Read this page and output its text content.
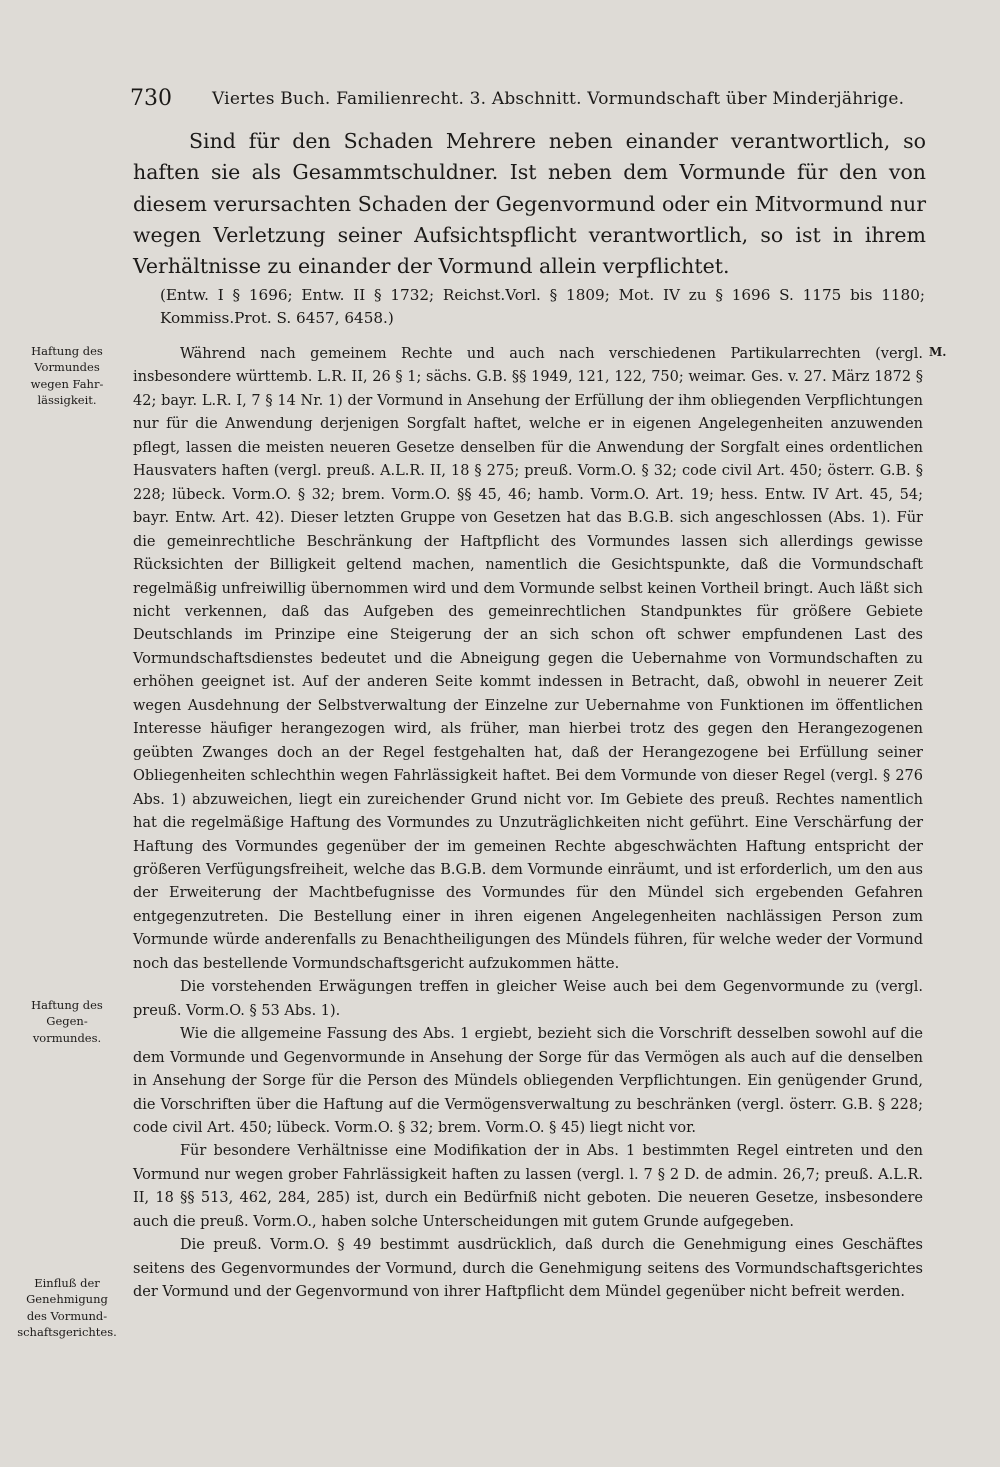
730 Viertes Buch. Familienrecht. 3. Abschnitt. Vormundschaft über Minderjährige.

Sind für den Schaden Mehrere neben einander verantwortlich, so haften sie als Gesammtschuldner. Ist neben dem Vormunde für den von diesem verursachten Schaden der Gegenvormund oder ein Mitvormund nur wegen Verletzung seiner Aufsichtspflicht verantwortlich, so ist in ihrem Verhältnisse zu einander der Vormund allein verpflichtet.

(Entw. I § 1696; Entw. II § 1732; Reichst.Vorl. § 1809; Mot. IV zu § 1696 S. 1175 bis 1180; Kommiss.Prot. S. 6457, 6458.)

Haftung des
Vormundes
wegen Fahr-
lässigkeit.
Haftung des
Gegen-
vormundes.
Einfluß der
Genehmigung
des Vormund-
schaftsgerichtes.
M.

Während nach gemeinem Rechte und auch nach verschiedenen Partikularrechten (vergl. insbesondere württemb. L.R. II, 26 § 1; sächs. G.B. §§ 1949, 121, 122, 750; weimar. Ges. v. 27. März 1872 § 42; bayr. L.R. I, 7 § 14 Nr. 1) der Vormund in Ansehung der Erfüllung der ihm obliegenden Verpflichtungen nur für die Anwendung derjenigen Sorgfalt haftet, welche er in eigenen Angelegenheiten anzuwenden pflegt, lassen die meisten neueren Gesetze denselben für die Anwendung der Sorgfalt eines ordentlichen Hausvaters haften (vergl. preuß. A.L.R. II, 18 § 275; preuß. Vorm.O. § 32; code civil Art. 450; österr. G.B. § 228; lübeck. Vorm.O. § 32; brem. Vorm.O. §§ 45, 46; hamb. Vorm.O. Art. 19; hess. Entw. IV Art. 45, 54; bayr. Entw. Art. 42). Dieser letzten Gruppe von Gesetzen hat das B.G.B. sich angeschlossen (Abs. 1). Für die gemeinrechtliche Beschränkung der Haftpflicht des Vormundes lassen sich allerdings gewisse Rücksichten der Billigkeit geltend machen, namentlich die Gesichtspunkte, daß die Vormundschaft regelmäßig unfreiwillig übernommen wird und dem Vormunde selbst keinen Vortheil bringt. Auch läßt sich nicht verkennen, daß das Aufgeben des gemeinrechtlichen Standpunktes für größere Gebiete Deutschlands im Prinzipe eine Steigerung der an sich schon oft schwer empfundenen Last des Vormundschaftsdienstes bedeutet und die Abneigung gegen die Uebernahme von Vormundschaften zu erhöhen geeignet ist. Auf der anderen Seite kommt indessen in Betracht, daß, obwohl in neuerer Zeit wegen Ausdehnung der Selbstverwaltung der Einzelne zur Uebernahme von Funktionen im öffentlichen Interesse häufiger herangezogen wird, als früher, man hierbei trotz des gegen den Herangezogenen geübten Zwanges doch an der Regel festgehalten hat, daß der Herangezogene bei Erfüllung seiner Obliegenheiten schlechthin wegen Fahrlässigkeit haftet. Bei dem Vormunde von dieser Regel (vergl. § 276 Abs. 1) abzuweichen, liegt ein zureichender Grund nicht vor. Im Gebiete des preuß. Rechtes namentlich hat die regelmäßige Haftung des Vormundes zu Unzuträglichkeiten nicht geführt. Eine Verschärfung der Haftung des Vormundes gegenüber der im gemeinen Rechte abgeschwächten Haftung entspricht der größeren Verfügungsfreiheit, welche das B.G.B. dem Vormunde einräumt, und ist erforderlich, um den aus der Erweiterung der Machtbefugnisse des Vormundes für den Mündel sich ergebenden Gefahren entgegenzutreten. Die Bestellung einer in ihren eigenen Angelegenheiten nachlässigen Person zum Vormunde würde anderenfalls zu Benachtheiligungen des Mündels führen, für welche weder der Vormund noch das bestellende Vormundschaftsgericht aufzukommen hätte.

Die vorstehenden Erwägungen treffen in gleicher Weise auch bei dem Gegenvormunde zu (vergl. preuß. Vorm.O. § 53 Abs. 1).

Wie die allgemeine Fassung des Abs. 1 ergiebt, bezieht sich die Vorschrift desselben sowohl auf die dem Vormunde und Gegenvormunde in Ansehung der Sorge für das Vermögen als auch auf die denselben in Ansehung der Sorge für die Person des Mündels obliegenden Verpflichtungen. Ein genügender Grund, die Vorschriften über die Haftung auf die Vermögensverwaltung zu beschränken (vergl. österr. G.B. § 228; code civil Art. 450; lübeck. Vorm.O. § 32; brem. Vorm.O. § 45) liegt nicht vor.

Für besondere Verhältnisse eine Modifikation der in Abs. 1 bestimmten Regel eintreten und den Vormund nur wegen grober Fahrlässigkeit haften zu lassen (vergl. l. 7 § 2 D. de admin. 26,7; preuß. A.L.R. II, 18 §§ 513, 462, 284, 285) ist, durch ein Bedürfniß nicht geboten. Die neueren Gesetze, insbesondere auch die preuß. Vorm.O., haben solche Unterscheidungen mit gutem Grunde aufgegeben.

Die preuß. Vorm.O. § 49 bestimmt ausdrücklich, daß durch die Genehmigung eines Geschäftes seitens des Gegenvormundes der Vormund, durch die Genehmigung seitens des Vormundschaftsgerichtes der Vormund und der Gegenvormund von ihrer Haftpflicht dem Mündel gegenüber nicht befreit werden.
